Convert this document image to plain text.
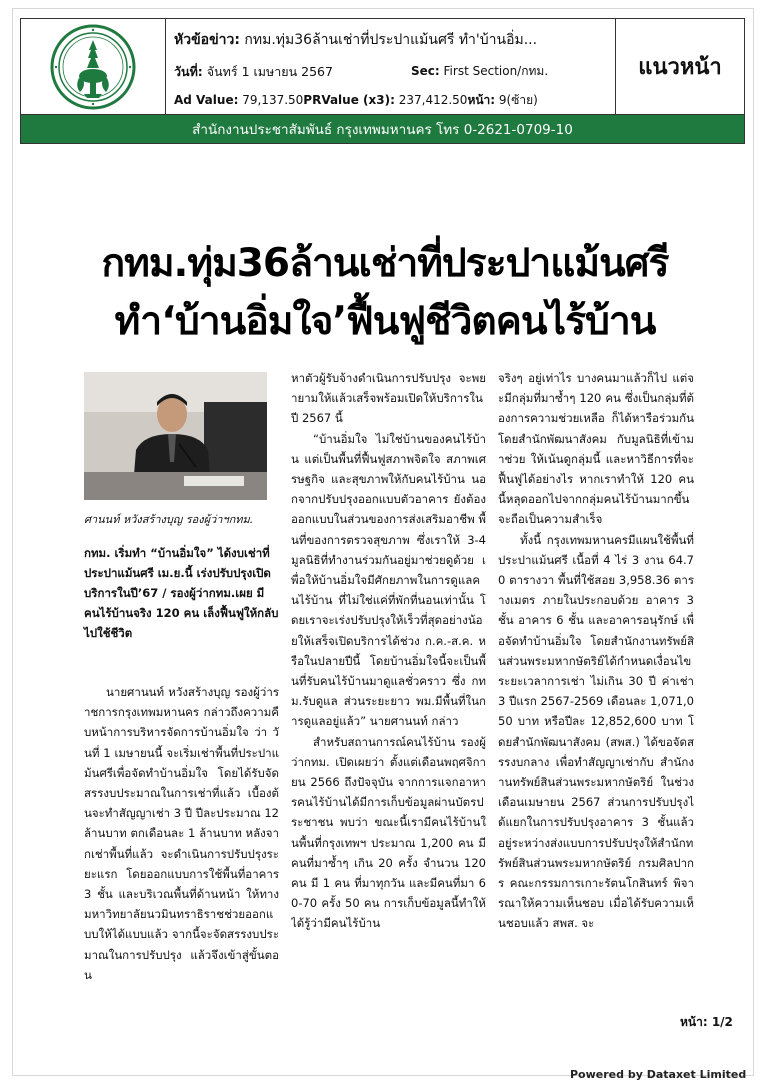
หัวข้อข่าว: กทม.ทุ่ม36ล้านเช่าที่ประปาแม้นศรี ทำ'บ้านอิ่ม...
วันที่: จันทร์ 1 เมษายน 2567	Sec: First Section/กทม.
Ad Value: 79,137.50PRValue (x3): 237,412.50หน้า: 9(ซ้าย)
แนวหน้า
สำนักงานประชาสัมพันธ์ กรุงเทพมหานคร โทร 0-2621-0709-10
กทม.ทุ่ม36ล้านเช่าที่ประปาแม้นศรี
ทำ‘บ้านอิ่มใจ’ฟื้นฟูชีวิตคนไร้บ้าน
ศานนท์ หวังสร้างบุญ รองผู้ว่าฯกทม.
กทม. เริ่มทำ “บ้านอิ่มใจ” ได้งบเช่าที่ประปาแม้นศรี เม.ย.นี้ เร่งปรับปรุงเปิดบริการในปี’67 / รองผู้ว่ากทม.เผย มีคนไร้บ้านจริง 120 คน เล็งฟื้นฟูให้กลับไปใช้ชีวิต

นายศานนท์ หวังสร้างบุญ รองผู้ว่าราชการกรุงเทพมหานคร กล่าวถึงความคืบหน้าการบริหารจัดการบ้านอิ่มใจ ว่า วันที่ 1 เมษายนนี้ จะเริ่มเช่าพื้นที่ประปาแม้นศรีเพื่อจัดทำบ้านอิ่มใจ โดยได้รับจัดสรรงบประมาณในการเช่าที่แล้ว เบื้องต้นจะทำสัญญาเช่า 3 ปี ปีละประมาณ 12 ล้านบาท ตกเดือนละ 1 ล้านบาท หลังจากเช่าพื้นที่แล้ว จะดำเนินการปรับปรุงระยะแรก โดยออกแบบการใช้พื้นที่อาคาร 3 ชั้น และบริเวณพื้นที่ด้านหน้า ให้ทางมหาวิทยาลัยนวมินทราธิราชช่วยออกแบบให้ได้แบบแล้ว จากนี้จะจัดสรรงบประมาณในการปรับปรุง แล้วจึงเข้าสู่ขั้นตอน

หาตัวผู้รับจ้างดำเนินการปรับปรุง จะพยายามให้แล้วเสร็จพร้อมเปิดให้บริการในปี 2567 นี้

“บ้านอิ่มใจ ไม่ใช่บ้านของคนไร้บ้าน แต่เป็นพื้นที่ฟื้นฟูสภาพจิตใจ สภาพเศรษฐกิจ และสุขภาพให้กับคนไร้บ้าน นอกจากปรับปรุงออกแบบตัวอาคาร ยังต้องออกแบบในส่วนของการส่งเสริมอาชีพ พื้นที่ของการตรวจสุขภาพ ซึ่งเราให้ 3-4 มูลนิธิที่ทำงานร่วมกันอยู่มาช่วยดูด้วย เพื่อให้บ้านอิ่มใจมีศักยภาพในการดูแลคนไร้บ้าน ที่ไม่ใช่แค่ที่พักที่นอนเท่านั้น โดยเราจะเร่งปรับปรุงให้เร็วที่สุดอย่างน้อยให้เสร็จเปิดบริการได้ช่วง ก.ค.-ส.ค. หรือในปลายปีนี้ โดยบ้านอิ่มใจนี้จะเป็นพื้นที่รับคนไร้บ้านมาดูแลชั่วคราว ซึ่ง กทม.รับดูแล ส่วนระยะยาว พม.มีพื้นที่ในการดูแลอยู่แล้ว” นายศานนท์ กล่าว

สำหรับสถานการณ์คนไร้บ้าน รองผู้ว่ากทม. เปิดเผยว่า ตั้งแต่เดือนพฤศจิกายน 2566 ถึงปัจจุบัน จากการแจกอาหารคนไร้บ้านได้มีการเก็บข้อมูลผ่านบัตรประชาชน พบว่า ขณะนี้เรามีคนไร้บ้านในพื้นที่กรุงเทพฯ ประมาณ 1,200 คน มีคนที่มาซ้ำๆ เกิน 20 ครั้ง จำนวน 120 คน มี 1 คน ที่มาทุกวัน และมีคนที่มา 60-70 ครั้ง 50 คน การเก็บข้อมูลนี้ทำให้ได้รู้ว่ามีคนไร้บ้าน

จริงๆ อยู่เท่าไร บางคนมาแล้วก็ไป แต่จะมีกลุ่มที่มาซ้ำๆ 120 คน ซึ่งเป็นกลุ่มที่ต้องการความช่วยเหลือ ก็ได้หารือร่วมกันโดยสำนักพัฒนาสังคม กับมูลนิธิที่เข้ามาช่วย ให้เน้นดูกลุ่มนี้ และหาวิธีการที่จะฟื้นฟูได้อย่างไร หากเราทำให้ 120 คนนี้หลุดออกไปจากกลุ่มคนไร้บ้านมากขึ้น จะถือเป็นความสำเร็จ

ทั้งนี้ กรุงเทพมหานครมีแผนใช้พื้นที่ประปาแม้นศรี เนื้อที่ 4 ไร่ 3 งาน 64.70 ตารางวา พื้นที่ใช้สอย 3,958.36 ตารางเมตร ภายในประกอบด้วย อาคาร 3 ชั้น อาคาร 6 ชั้น และอาคารอนุรักษ์ เพื่อจัดทำบ้านอิ่มใจ โดยสำนักงานทรัพย์สินส่วนพระมหากษัตริย์ได้กำหนดเงื่อนไขระยะเวลาการเช่า ไม่เกิน 30 ปี ค่าเช่า 3 ปีแรก 2567-2569 เดือนละ 1,071,050 บาท หรือปีละ 12,852,600 บาท โดยสำนักพัฒนาสังคม (สพส.) ได้ขอจัดสรรงบกลาง เพื่อทำสัญญาเช่ากับ สำนักงานทรัพย์สินส่วนพระมหากษัตริย์ ในช่วงเดือนเมษายน 2567 ส่วนการปรับปรุงได้แยกในการปรับปรุงอาคาร 3 ชั้นแล้ว อยู่ระหว่างส่งแบบการปรับปรุงให้สำนักทรัพย์สินส่วนพระมหากษัตริย์ กรมศิลปากร คณะกรรมการเกาะรัตนโกสินทร์ พิจารณาให้ความเห็นชอบ เมื่อได้รับความเห็นชอบแล้ว สพส. จะ

หน้า: 1/2
Powered by Dataxet Limited
